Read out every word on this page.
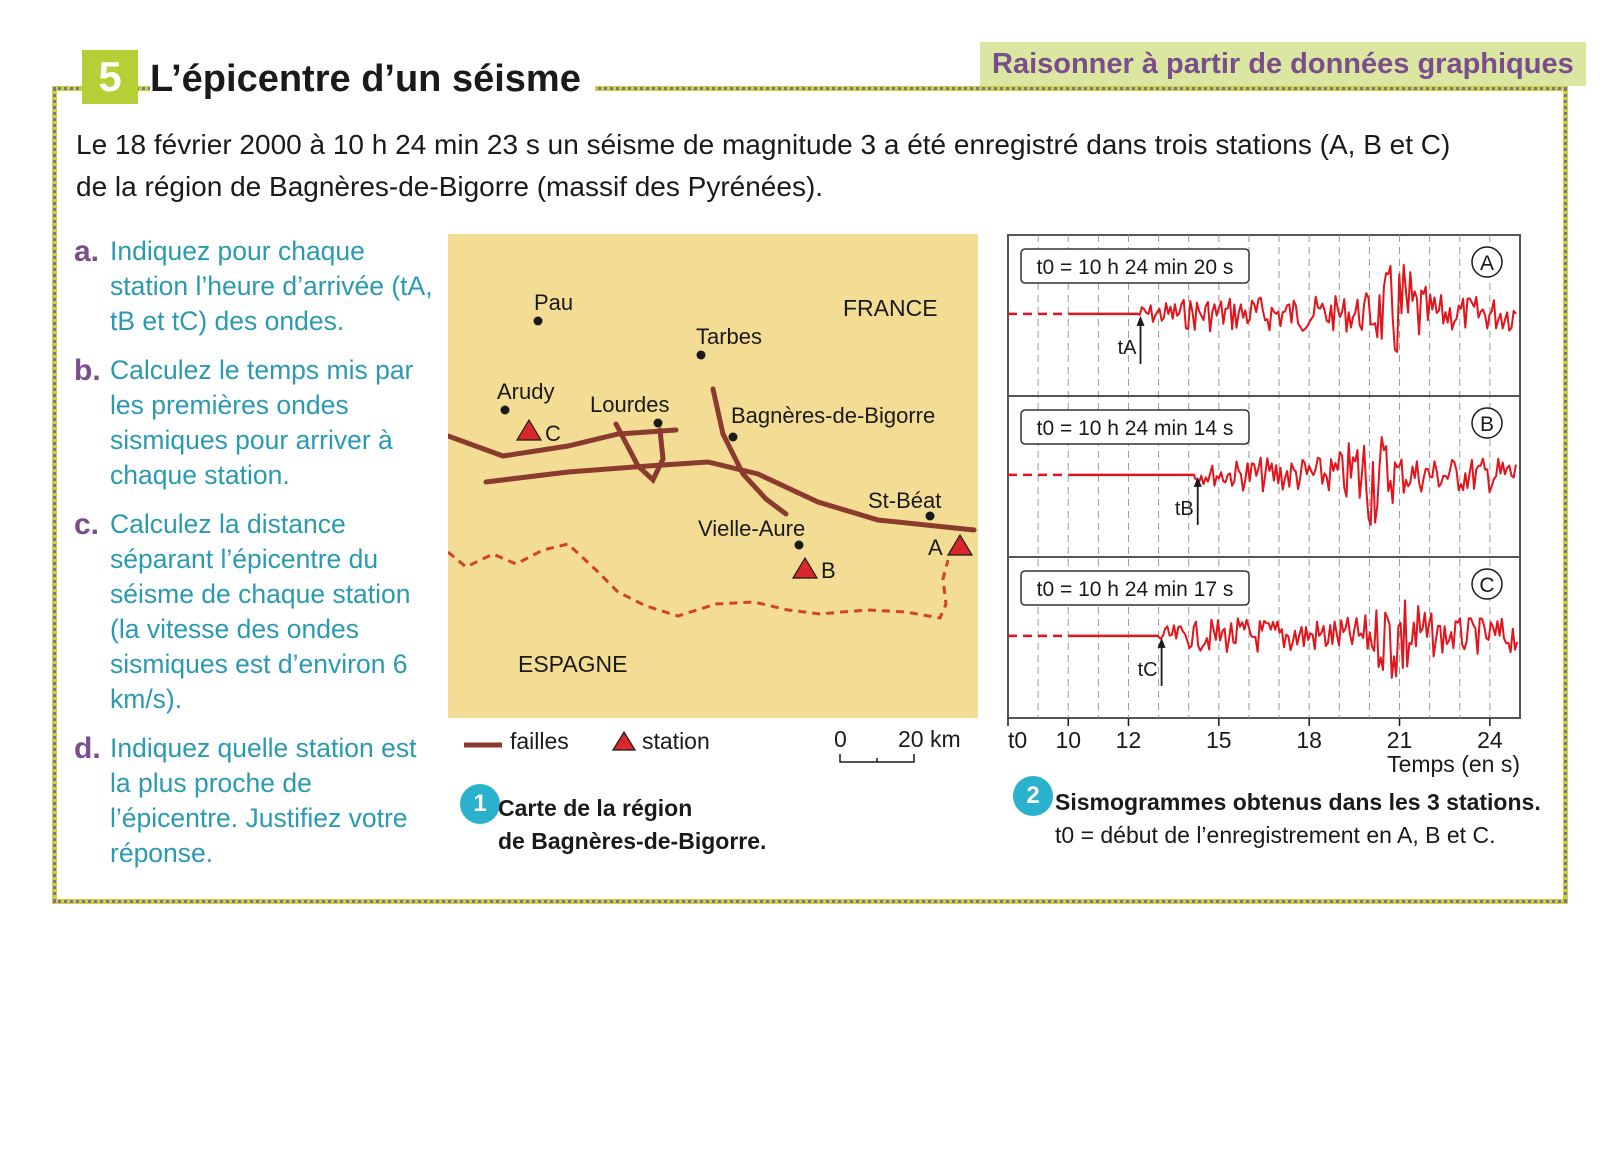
5 L’épicentre d’un séisme	Raisonner à partir de données graphiques

Le 18 février 2000 à 10 h 24 min 23 s un séisme de magnitude 3 a été enregistré dans trois stations (A, B et C)
de la région de Bagnères-de-Bigorre (massif des Pyrénées).

a. Indiquez pour chaque station l’heure d’arrivée (tA, tB et tC) des ondes.
b. Calculez le temps mis par les premières ondes sismiques pour arriver à chaque station.
c. Calculez la distance séparant l’épicentre du séisme de chaque station (la vitesse des ondes sismiques est d’environ 6 km/s).
d. Indiquez quelle station est la plus proche de l’épicentre. Justifiez votre réponse.
Pau
Tarbes
Arudy
Lourdes	Bagnères-de-Bigorre
St-Béat
Vielle-Aure
FRANCE
ESPAGNE
C
B
A
failles	station	0 20 km
1 Carte de la région
de Bagnères-de-Bigorre.
t0 = 10 h 24 min 20 s	A
tA
t0 = 10 h 24 min 14 s	B
tB
t0 = 10 h 24 min 17 s	C
tC
t0 10 12	15	18	21	24
Temps (en s)
2 Sismogrammes obtenus dans les 3 stations.
t0 = début de l’enregistrement en A, B et C.
